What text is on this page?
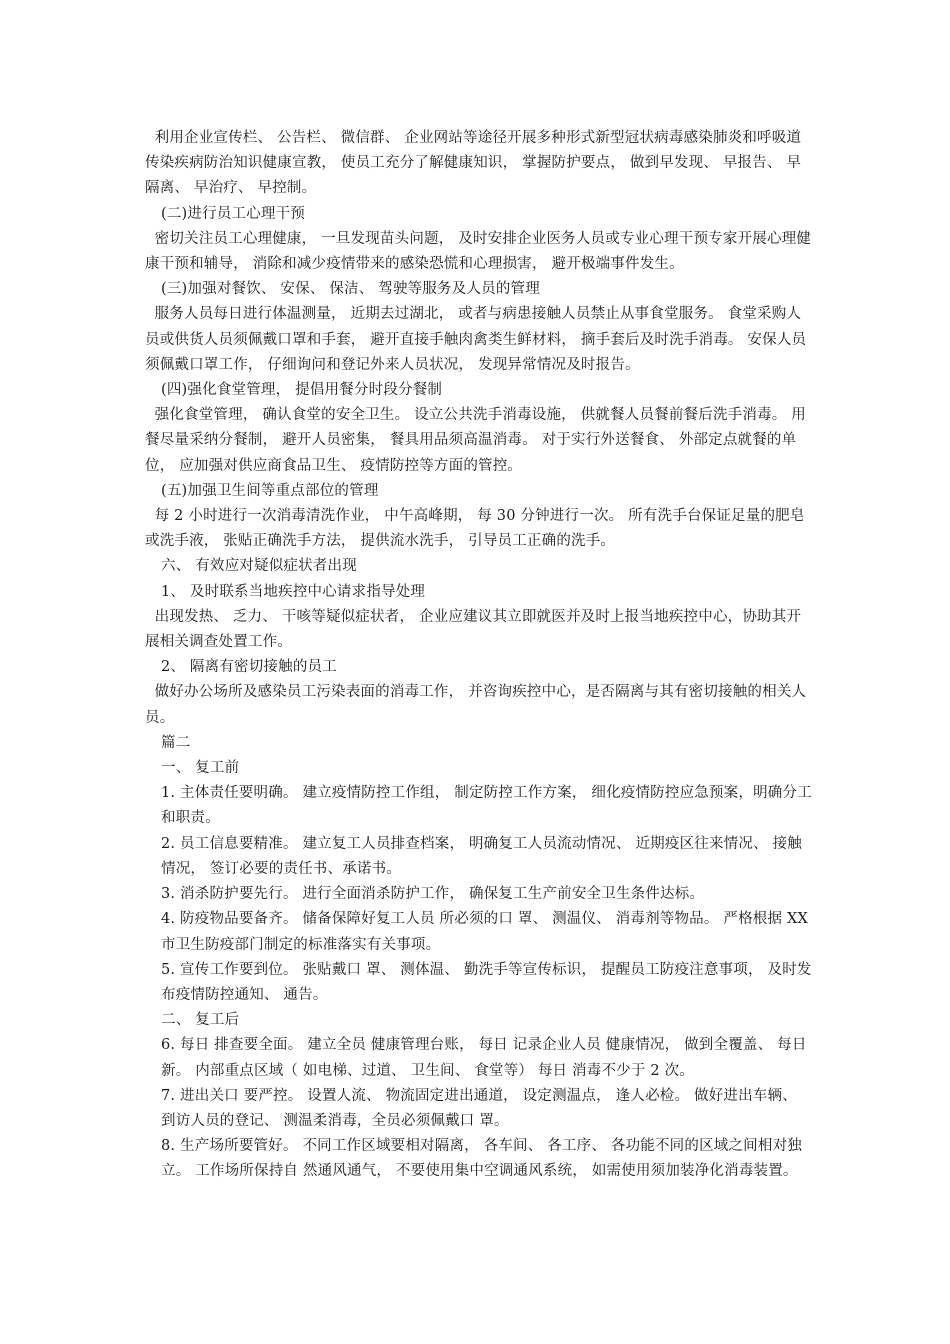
利用企业宣传栏、 公告栏、 微信群、 企业网站等途径开展多种形式新型冠状病毒感染肺炎和呼吸道传染疾病防治知识健康宣教， 使员工充分了解健康知识， 掌握防护要点， 做到早发现、 早报告、 早隔离、 早治疗、 早控制。

(二)进行员工心理干预

密切关注员工心理健康， 一旦发现苗头问题， 及时安排企业医务人员或专业心理干预专家开展心理健康干预和辅导， 消除和减少疫情带来的感染恐慌和心理损害， 避开极端事件发生。

(三)加强对餐饮、 安保、 保洁、 驾驶等服务及人员的管理

服务人员每日进行体温测量， 近期去过湖北， 或者与病患接触人员禁止从事食堂服务。 食堂采购人员或供货人员须佩戴口罩和手套， 避开直接手触肉禽类生鲜材料， 摘手套后及时洗手消毒。 安保人员须佩戴口罩工作， 仔细询问和登记外来人员状况， 发现异常情况及时报告。

(四)强化食堂管理， 提倡用餐分时段分餐制

强化食堂管理， 确认食堂的安全卫生。 设立公共洗手消毒设施， 供就餐人员餐前餐后洗手消毒。 用餐尽量采纳分餐制， 避开人员密集， 餐具用品须高温消毒。 对于实行外送餐食、 外部定点就餐的单位， 应加强对供应商食品卫生、 疫情防控等方面的管控。

(五)加强卫生间等重点部位的管理

每 2 小时进行一次消毒清洗作业， 中午高峰期， 每 30 分钟进行一次。 所有洗手台保证足量的肥皂或洗手液， 张贴正确洗手方法， 提供流水洗手， 引导员工正确的洗手。

六、 有效应对疑似症状者出现

1、 及时联系当地疾控中心请求指导处理

出现发热、 乏力、 干咳等疑似症状者， 企业应建议其立即就医并及时上报当地疾控中心，协助其开展相关调查处置工作。

2、 隔离有密切接触的员工

做好办公场所及感染员工污染表面的消毒工作， 并咨询疾控中心，是否隔离与其有密切接触的相关人员。

篇二

一、 复工前

1. 主体责任要明确。 建立疫情防控工作组， 制定防控工作方案， 细化疫情防控应急预案，明确分工和职责。

2. 员工信息要精准。 建立复工人员排查档案， 明确复工人员流动情况、 近期疫区往来情况、 接触情况， 签订必要的责任书、承诺书。

3. 消杀防护要先行。 进行全面消杀防护工作， 确保复工生产前安全卫生条件达标。

4. 防疫物品要备齐。 储备保障好复工人员 所必须的口 罩、 测温仪、 消毒剂等物品。 严格根据 XX 市卫生防疫部门制定的标准落实有关事项。

5. 宣传工作要到位。 张贴戴口 罩、 测体温、 勤洗手等宣传标识， 提醒员工防疫注意事项， 及时发布疫情防控通知、 通告。

二、 复工后

6. 每日 排查要全面。 建立全员 健康管理台账， 每日 记录企业人员 健康情况， 做到全覆盖、 每日 新。 内部重点区域（ 如电梯、过道、 卫生间、 食堂等） 每日 消毒不少于 2 次。

7. 进出关口 要严控。 设置人流、 物流固定进出通道， 设定测温点， 逢人必检。 做好进出车辆、 到访人员的登记、 测温柔消毒，全员必须佩戴口 罩。

8. 生产场所要管好。 不同工作区域要相对隔离， 各车间、 各工序、 各功能不同的区域之间相对独立。 工作场所保持自 然通风通气， 不要使用集中空调通风系统， 如需使用须加装净化消毒装置。
